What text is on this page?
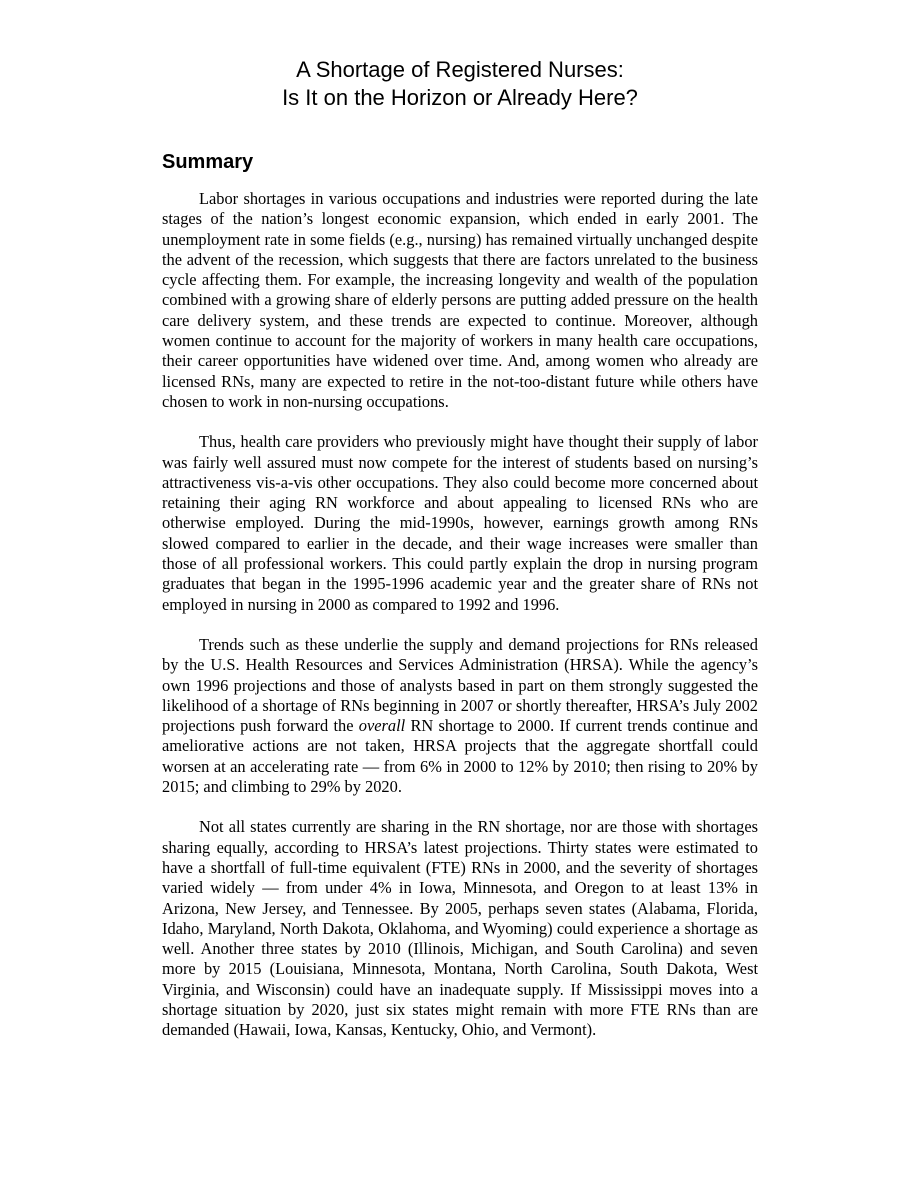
A Shortage of Registered Nurses:
Is It on the Horizon or Already Here?
Summary

Labor shortages in various occupations and industries were reported during the late stages of the nation’s longest economic expansion, which ended in early 2001. The unemployment rate in some fields (e.g., nursing) has remained virtually unchanged despite the advent of the recession, which suggests that there are factors unrelated to the business cycle affecting them. For example, the increasing longevity and wealth of the population combined with a growing share of elderly persons are putting added pressure on the health care delivery system, and these trends are expected to continue. Moreover, although women continue to account for the majority of workers in many health care occupations, their career opportunities have widened over time. And, among women who already are licensed RNs, many are expected to retire in the not-too-distant future while others have chosen to work in non-nursing occupations.

Thus, health care providers who previously might have thought their supply of labor was fairly well assured must now compete for the interest of students based on nursing’s attractiveness vis-a-vis other occupations. They also could become more concerned about retaining their aging RN workforce and about appealing to licensed RNs who are otherwise employed. During the mid-1990s, however, earnings growth among RNs slowed compared to earlier in the decade, and their wage increases were smaller than those of all professional workers. This could partly explain the drop in nursing program graduates that began in the 1995-1996 academic year and the greater share of RNs not employed in nursing in 2000 as compared to 1992 and 1996.

Trends such as these underlie the supply and demand projections for RNs released by the U.S. Health Resources and Services Administration (HRSA). While the agency’s own 1996 projections and those of analysts based in part on them strongly suggested the likelihood of a shortage of RNs beginning in 2007 or shortly thereafter, HRSA’s July 2002 projections push forward the overall RN shortage to 2000. If current trends continue and ameliorative actions are not taken, HRSA projects that the aggregate shortfall could worsen at an accelerating rate — from 6% in 2000 to 12% by 2010; then rising to 20% by 2015; and climbing to 29% by 2020.

Not all states currently are sharing in the RN shortage, nor are those with shortages sharing equally, according to HRSA’s latest projections. Thirty states were estimated to have a shortfall of full-time equivalent (FTE) RNs in 2000, and the severity of shortages varied widely — from under 4% in Iowa, Minnesota, and Oregon to at least 13% in Arizona, New Jersey, and Tennessee. By 2005, perhaps seven states (Alabama, Florida, Idaho, Maryland, North Dakota, Oklahoma, and Wyoming) could experience a shortage as well. Another three states by 2010 (Illinois, Michigan, and South Carolina) and seven more by 2015 (Louisiana, Minnesota, Montana, North Carolina, South Dakota, West Virginia, and Wisconsin) could have an inadequate supply. If Mississippi moves into a shortage situation by 2020, just six states might remain with more FTE RNs than are demanded (Hawaii, Iowa, Kansas, Kentucky, Ohio, and Vermont).
